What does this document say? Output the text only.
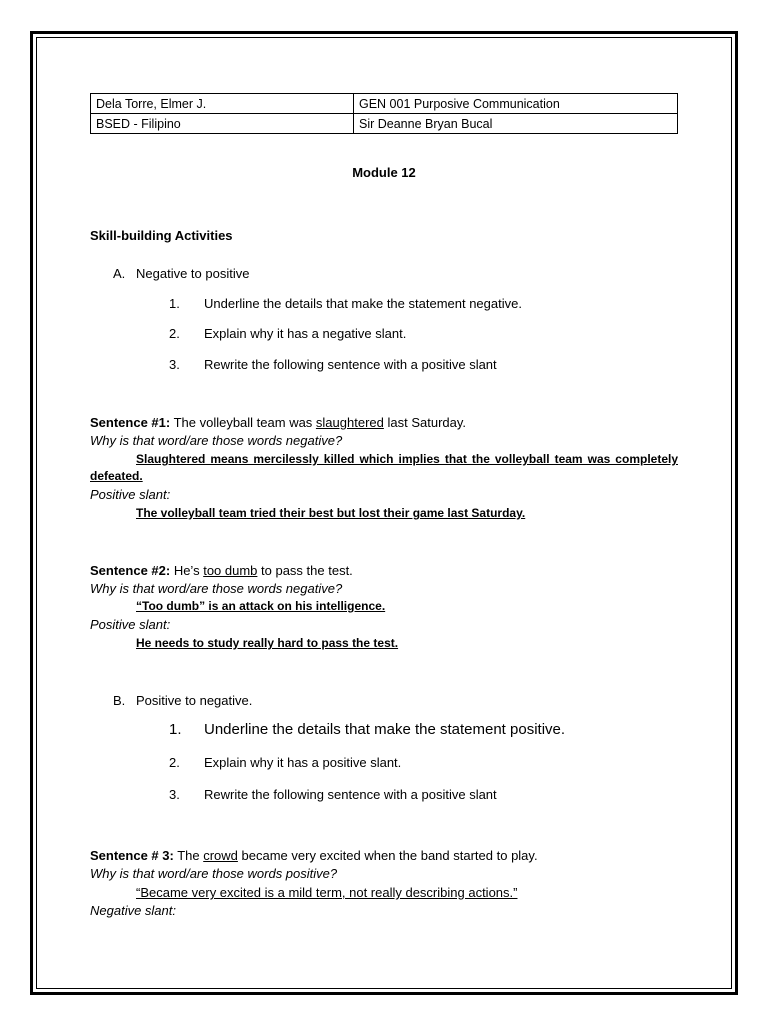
Dela Torre, Elmer J.	GEN 001 Purposive Communication
BSED - Filipino	Sir Deanne Bryan Bucal
Module 12
Skill-building Activities
A. Negative to positive
1. Underline the details that make the statement negative.
2. Explain why it has a negative slant.
3. Rewrite the following sentence with a positive slant
Sentence #1: The volleyball team was slaughtered last Saturday.
Why is that word/are those words negative?
Slaughtered means mercilessly killed which implies that the volleyball team was completely
defeated.
Positive slant:
The volleyball team tried their best but lost their game last Saturday.
Sentence #2: He’s too dumb to pass the test.
Why is that word/are those words negative?
“Too dumb” is an attack on his intelligence.
Positive slant:
He needs to study really hard to pass the test.
B. Positive to negative.
1. Underline the details that make the statement positive.
2. Explain why it has a positive slant.
3. Rewrite the following sentence with a positive slant
Sentence # 3: The crowd became very excited when the band started to play.
Why is that word/are those words positive?
“Became very excited is a mild term, not really describing actions.”
Negative slant:
